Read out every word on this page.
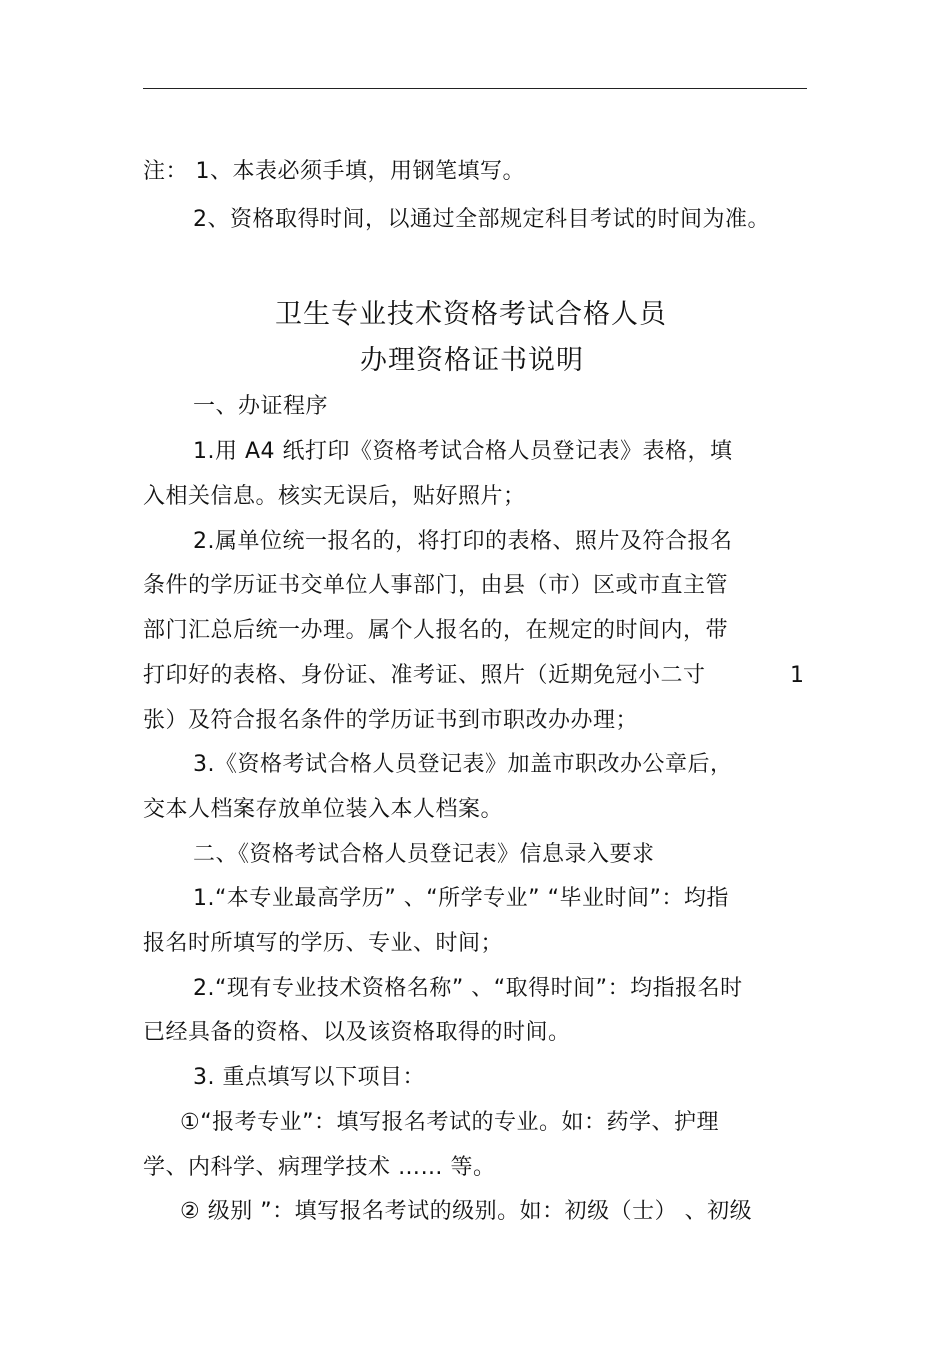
注： 1、本表必须手填，用钢笔填写。
2、资格取得时间，以通过全部规定科目考试的时间为准。
卫生专业技术资格考试合格人员
办理资格证书说明
一、办证程序
1.用 A4 纸打印《资格考试合格人员登记表》表格，填
入相关信息。核实无误后，贴好照片；
2.属单位统一报名的，将打印的表格、照片及符合报名
条件的学历证书交单位人事部门，由县（市）区或市直主管
部门汇总后统一办理。属个人报名的，在规定的时间内，带
打印好的表格、身份证、准考证、照片（近期免冠小二寸	1
张）及符合报名条件的学历证书到市职改办办理；
3.《资格考试合格人员登记表》加盖市职改办公章后，
交本人档案存放单位装入本人档案。
二、《资格考试合格人员登记表》信息录入要求
1.“本专业最高学历” 、“所学专业” “毕业时间”：均指
报名时所填写的学历、专业、时间；
2.“现有专业技术资格名称” 、“取得时间”：均指报名时
已经具备的资格、以及该资格取得的时间。
3. 重点填写以下项目：
①“报考专业”：填写报名考试的专业。如：药学、护理
学、内科学、病理学技术 …… 等。
② 级别 ”：填写报名考试的级别。如：初级（士） 、初级
